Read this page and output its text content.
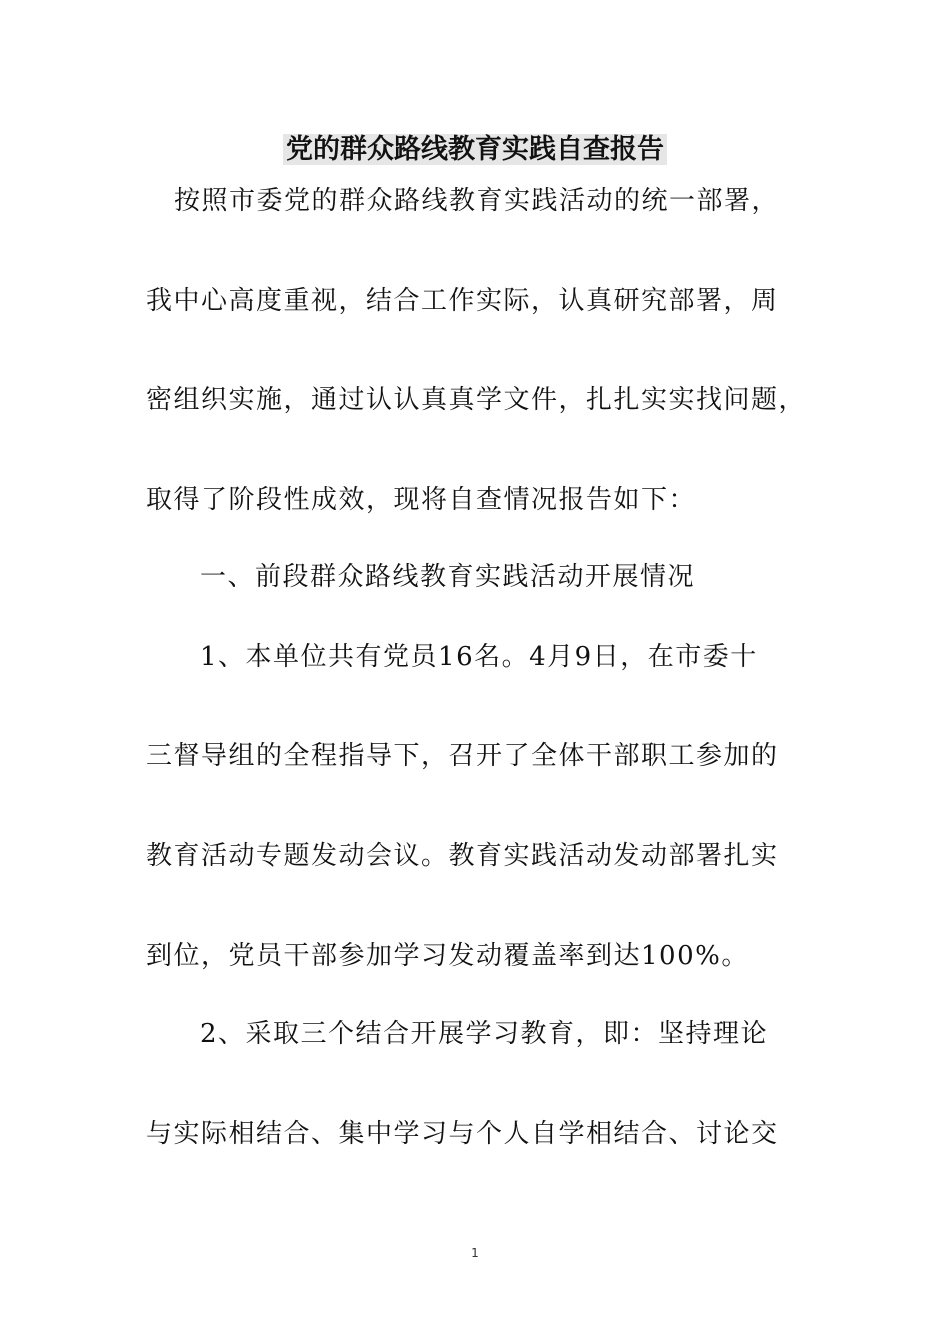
党的群众路线教育实践自查报告
按照市委党的群众路线教育实践活动的统一部署，
我中心高度重视，结合工作实际，认真研究部署，周
密组织实施，通过认认真真学文件，扎扎实实找问题，
取得了阶段性成效，现将自查情况报告如下：
一、前段群众路线教育实践活动开展情况
1、本单位共有党员16名。4月9日，在市委十
三督导组的全程指导下，召开了全体干部职工参加的
教育活动专题发动会议。教育实践活动发动部署扎实
到位，党员干部参加学习发动覆盖率到达100%。
2、采取三个结合开展学习教育，即：坚持理论
与实际相结合、集中学习与个人自学相结合、讨论交
1
